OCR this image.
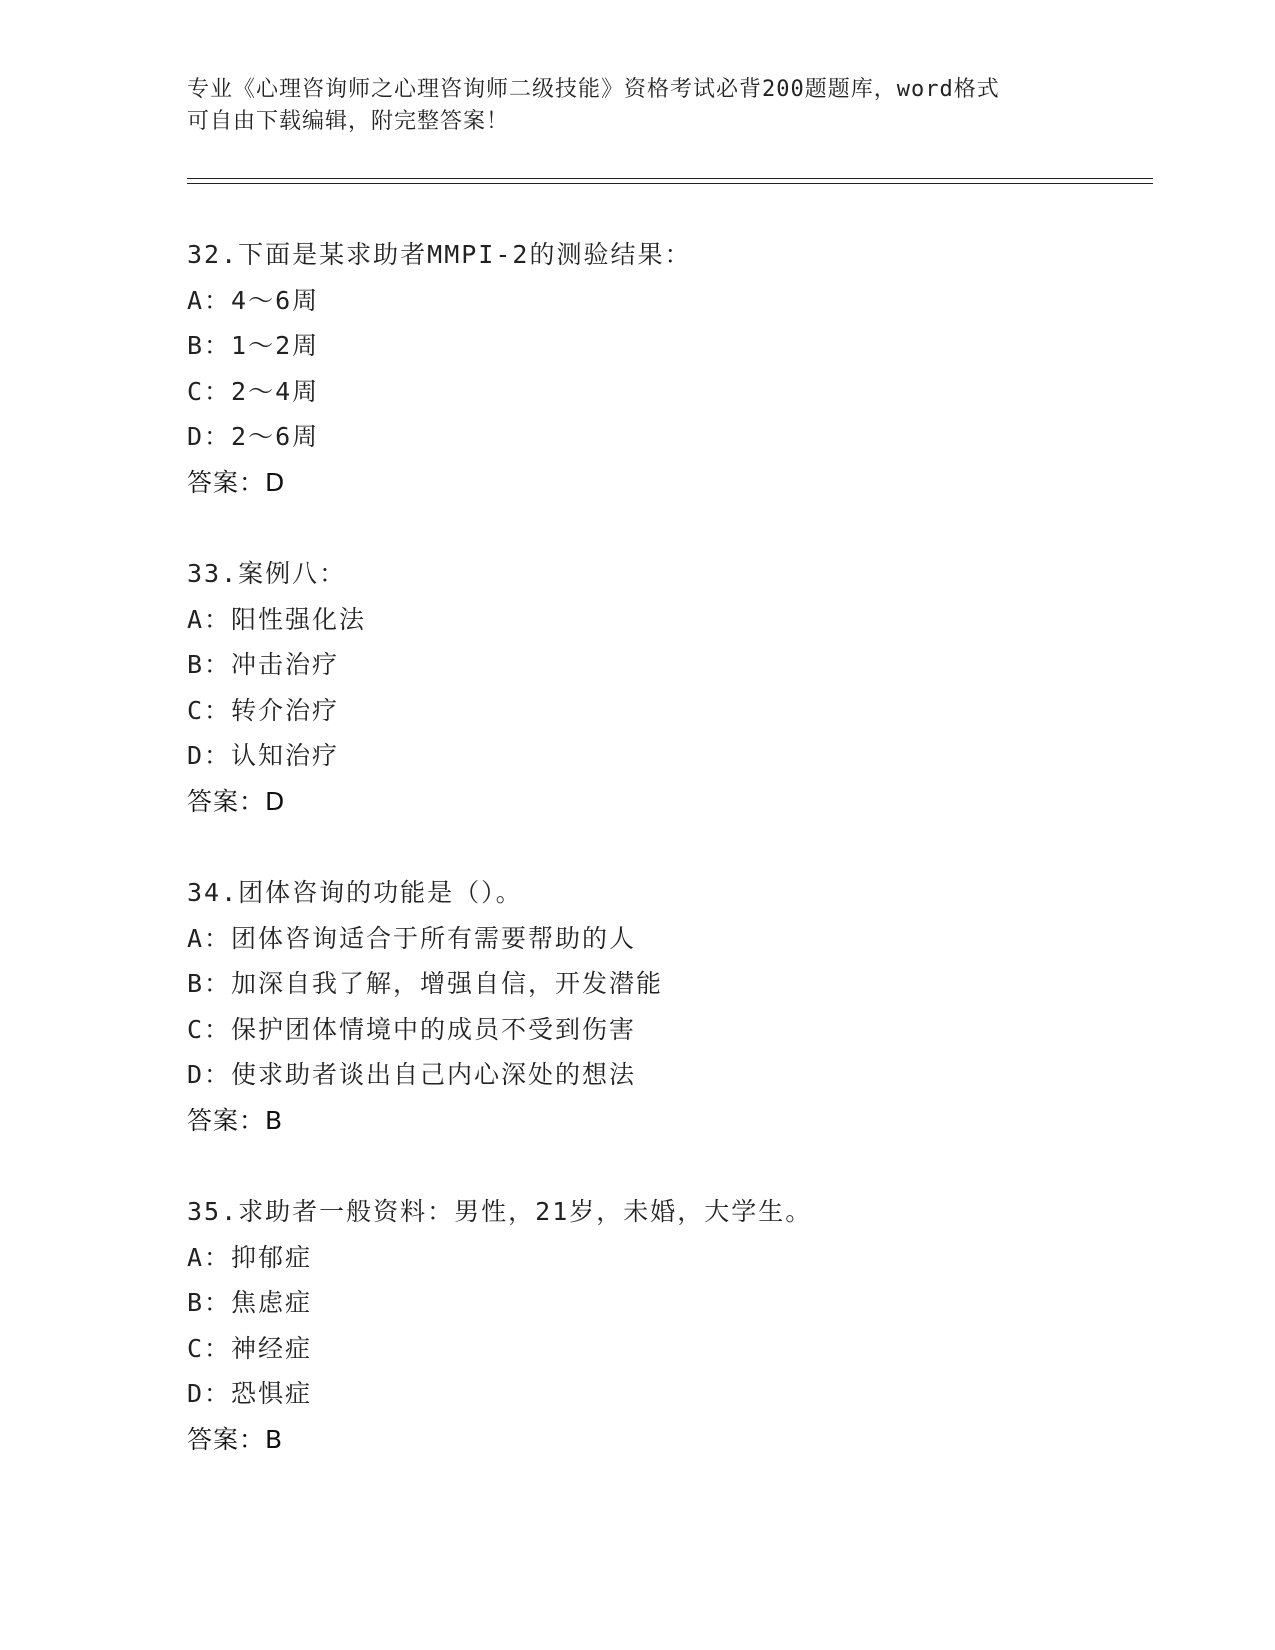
专业《心理咨询师之心理咨询师二级技能》资格考试必背200题题库，word格式
可自由下载编辑，附完整答案！
32.下面是某求助者MMPI-2的测验结果：
A：4～6周
B：1～2周
C：2～4周
D：2～6周
答案：D
33.案例八：
A：阳性强化法
B：冲击治疗
C：转介治疗
D：认知治疗
答案：D
34.团体咨询的功能是（）。
A：团体咨询适合于所有需要帮助的人
B：加深自我了解，增强自信，开发潜能
C：保护团体情境中的成员不受到伤害
D：使求助者谈出自己内心深处的想法
答案：B
35.求助者一般资料：男性，21岁，未婚，大学生。
A：抑郁症
B：焦虑症
C：神经症
D：恐惧症
答案：B
